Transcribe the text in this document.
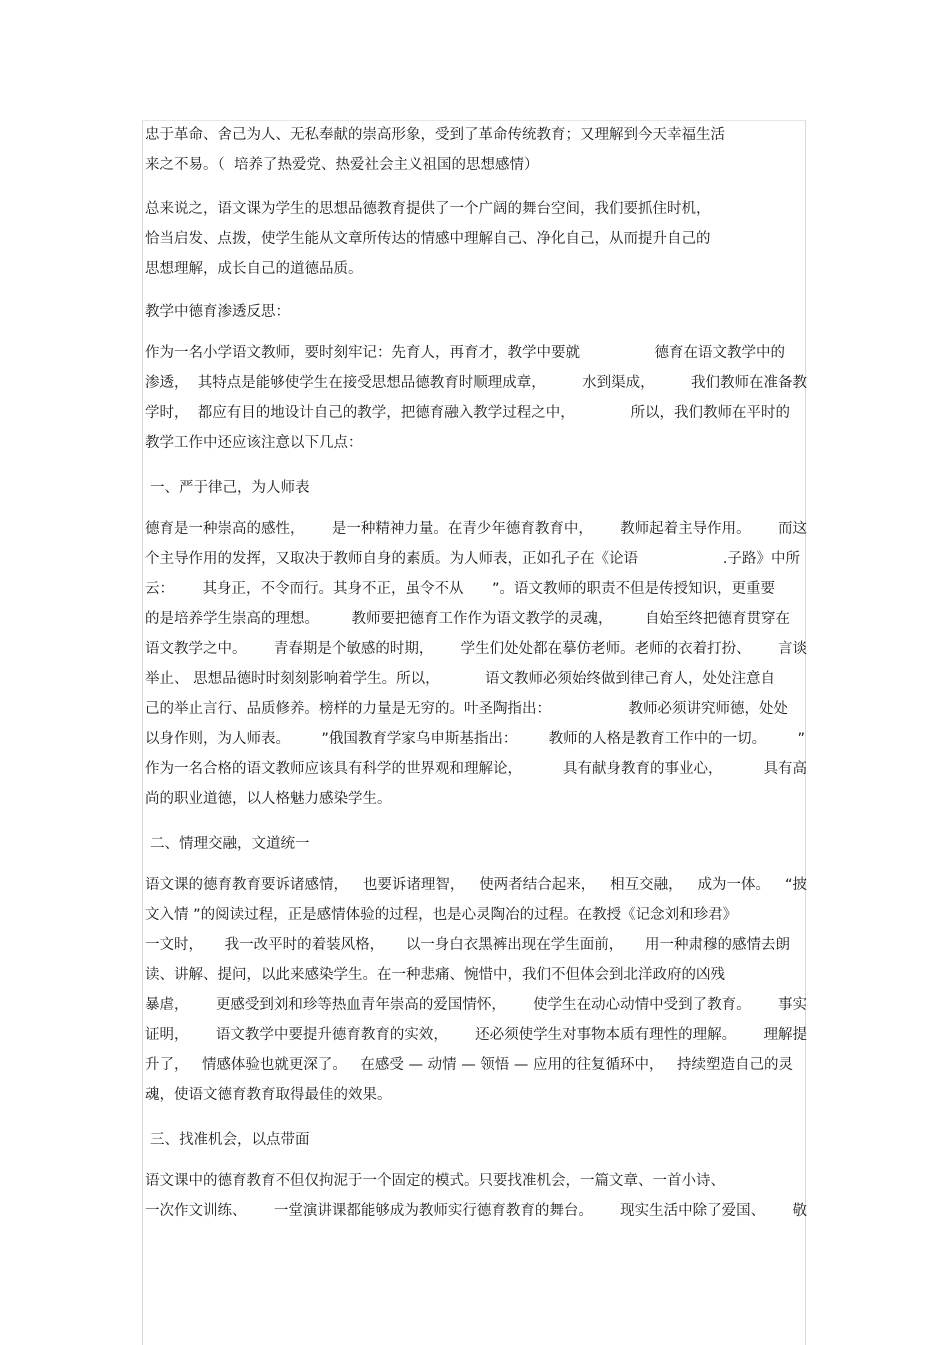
忠于革命、舍己为人、无私奉献的崇高形象，受到了革命传统教育；又理解到今天幸福生活
来之不易。（  培养了热爱党、热爱社会主义祖国的思想感情）
总来说之，语文课为学生的思想品德教育提供了一个广阔的舞台空间，我们要抓住时机，
恰当启发、点拨，使学生能从文章所传达的情感中理解自己、净化自己，从而提升自己的
思想理解，成长自己的道德品质。
教学中德育渗透反思：
作为一名小学语文教师，要时刻牢记：先育人，再育才，教学中要就	德育在语文教学中的
渗透，  其特点是能够使学生在接受思想品德教育时顺理成章，	水到渠成，	我们教师在准备教
学时，  都应有目的地设计自己的教学，把德育融入教学过程之中，	所以，我们教师在平时的
教学工作中还应该注意以下几点：
一、严于律己，为人师表
德育是一种崇高的感性， 是一种精神力量。在青少年德育教育中， 教师起着主导作用。 而这
个主导作用的发挥，又取决于教师自身的素质。为人师表，正如孔子在《论语	.子路》中所
云： 其身正，不令而行。其身不正，虽令不从 ”。语文教师的职责不但是传授知识，更重要
的是培养学生崇高的理想。 教师要把德育工作作为语文教学的灵魂， 自始至终把德育贯穿在
语文教学之中。 青春期是个敏感的时期， 学生们处处都在摹仿老师。老师的衣着打扮、 言谈
举止、 思想品德时时刻刻影响着学生。所以，	语文教师必须始终做到律己育人，处处注意自
己的举止言行、品质修养。榜样的力量是无穷的。叶圣陶指出：	教师必须讲究师德，处处
以身作则，为人师表。 ”俄国教育学家乌申斯基指出： 教师的人格是教育工作中的一切。 ”
作为一名合格的语文教师应该具有科学的世界观和理解论，	具有献身教育的事业心，	具有高
尚的职业道德，以人格魅力感染学生。
二、情理交融，文道统一
语文课的德育教育要诉诸感情， 也要诉诸理智， 使两者结合起来， 相互交融， 成为一体。 “披
文入情 ”的阅读过程，正是感情体验的过程，也是心灵陶冶的过程。在教授《记念刘和珍君》
一文时， 我一改平时的着装风格， 以一身白衣黑裤出现在学生面前， 用一种肃穆的感情去朗
读、讲解、提问，以此来感染学生。在一种悲痛、惋惜中，我们不但体会到北洋政府的凶残
暴虐， 更感受到刘和珍等热血青年崇高的爱国情怀， 使学生在动心动情中受到了教育。 事实
证明， 语文教学中要提升德育教育的实效， 还必须使学生对事物本质有理性的理解。 理解提
升了， 情感体验也就更深了。 在感受 — 动情 — 领悟 — 应用的往复循环中， 持续塑造自己的灵
魂，使语文德育教育取得最佳的效果。
三、找准机会，以点带面
语文课中的德育教育不但仅拘泥于一个固定的模式。只要找准机会，一篇文章、一首小诗、
一次作文训练、 一堂演讲课都能够成为教师实行德育教育的舞台。 现实生活中除了爱国、 敬
